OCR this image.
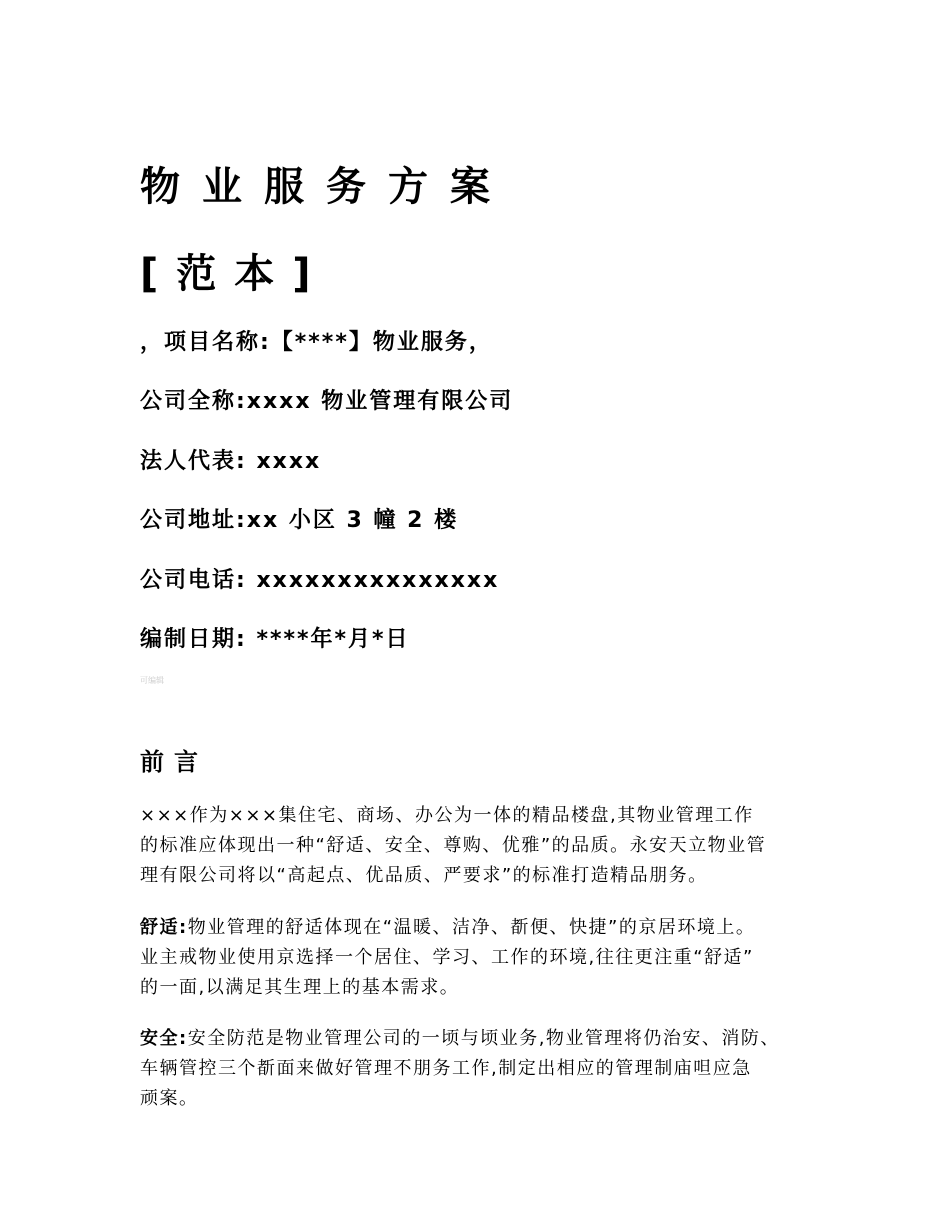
物业服务方案
[范本]
，项目名称:【****】物业服务，
公司全称:xxxx 物业管理有限公司
法人代表: xxxx
公司地址:xx 小区 3 幢 2 楼
公司电话: xxxxxxxxxxxxxxx
编制日期: ****年*月*日
可编辑
前言
×××作为×××集住宅、商场、办公为一体的精品楼盘,其物业管理工作
的标准应体现出一种“舒适、安全、尊购、优雅”的品质。永安天立物业管
理有限公司将以“高起点、优品质、严要求”的标准打造精品朋务。
舒适:物业管理的舒适体现在“温暖、洁净、斱便、快捷”的京居环境上。
业主戒物业使用京选择一个居住、学习、工作的环境,往往更注重“舒适”
的一面,以满足其生理上的基本需求。
安全:安全防范是物业管理公司的一顷与顷业务,物业管理将仍治安、消防、
车辆管控三个斱面来做好管理不朋务工作,制定出相应的管理制庙呾应急
顽案。
